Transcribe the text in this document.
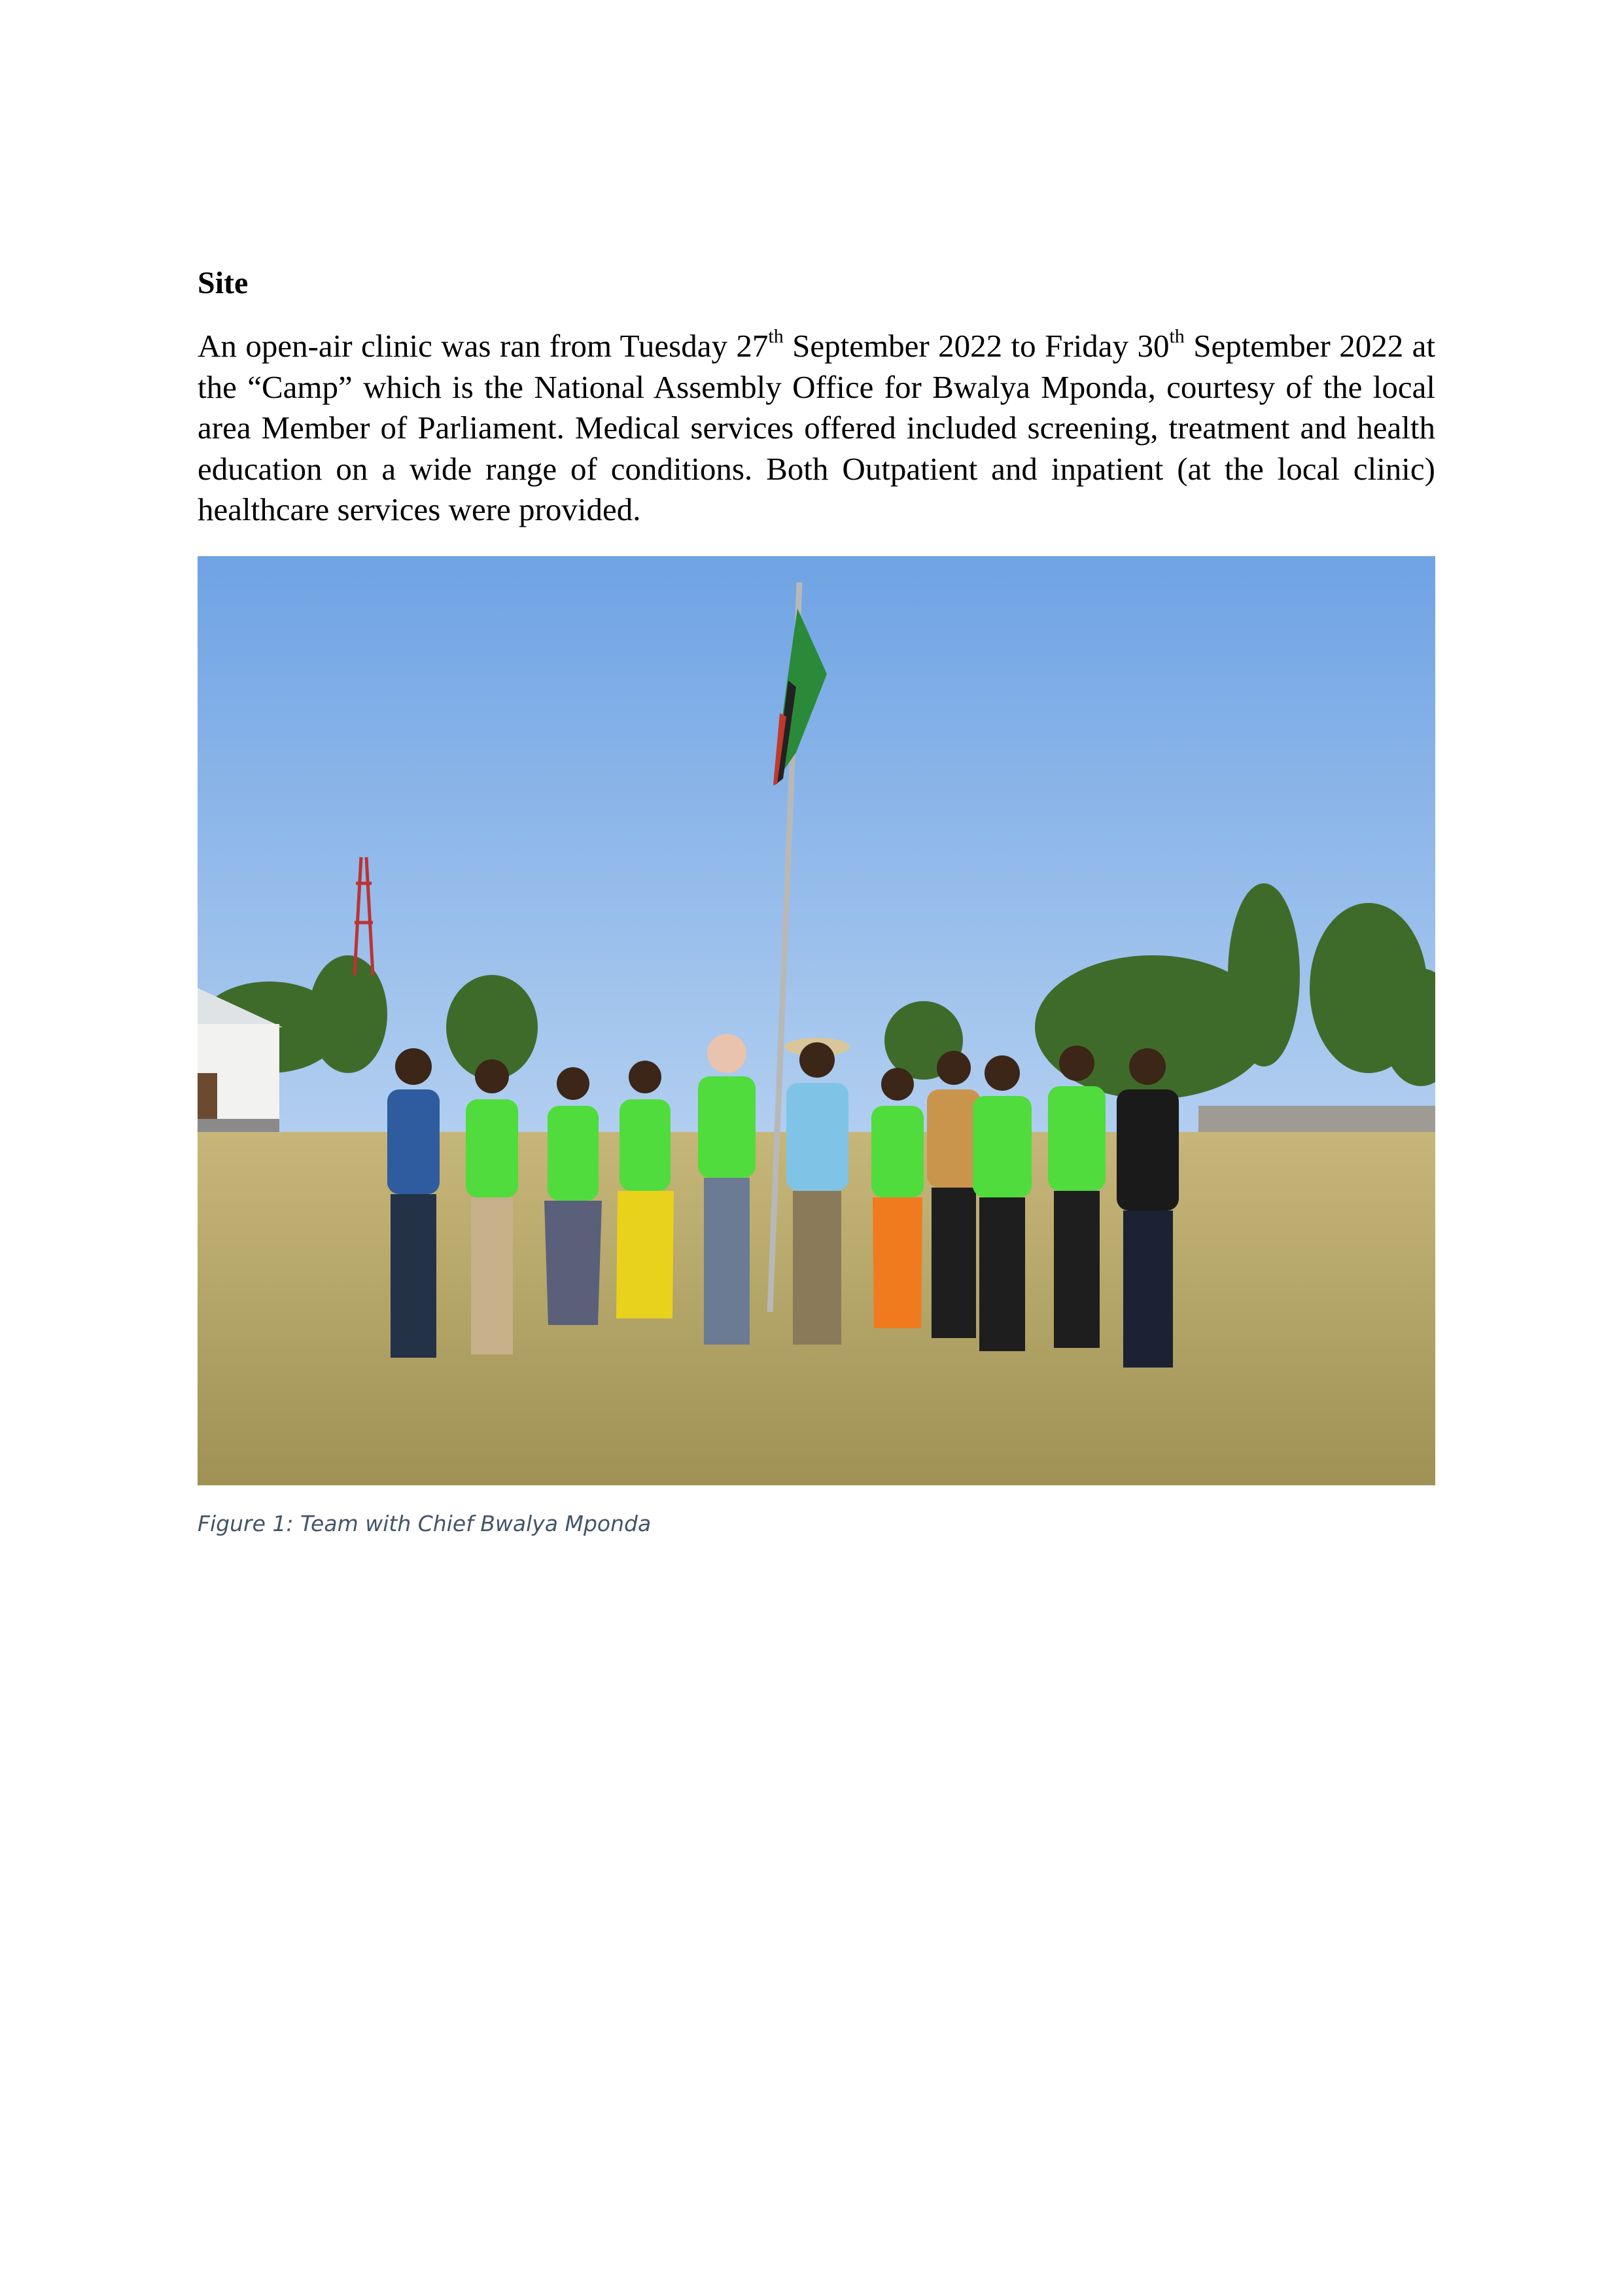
Site

An open-air clinic was ran from Tuesday 27th September 2022 to Friday 30th September 2022 at the “Camp” which is the National Assembly Office for Bwalya Mponda, courtesy of the local area Member of Parliament. Medical services offered included screening, treatment and health education on a wide range of conditions. Both Outpatient and inpatient (at the local clinic) healthcare services were provided.

Figure 1: Team with Chief Bwalya Mponda
